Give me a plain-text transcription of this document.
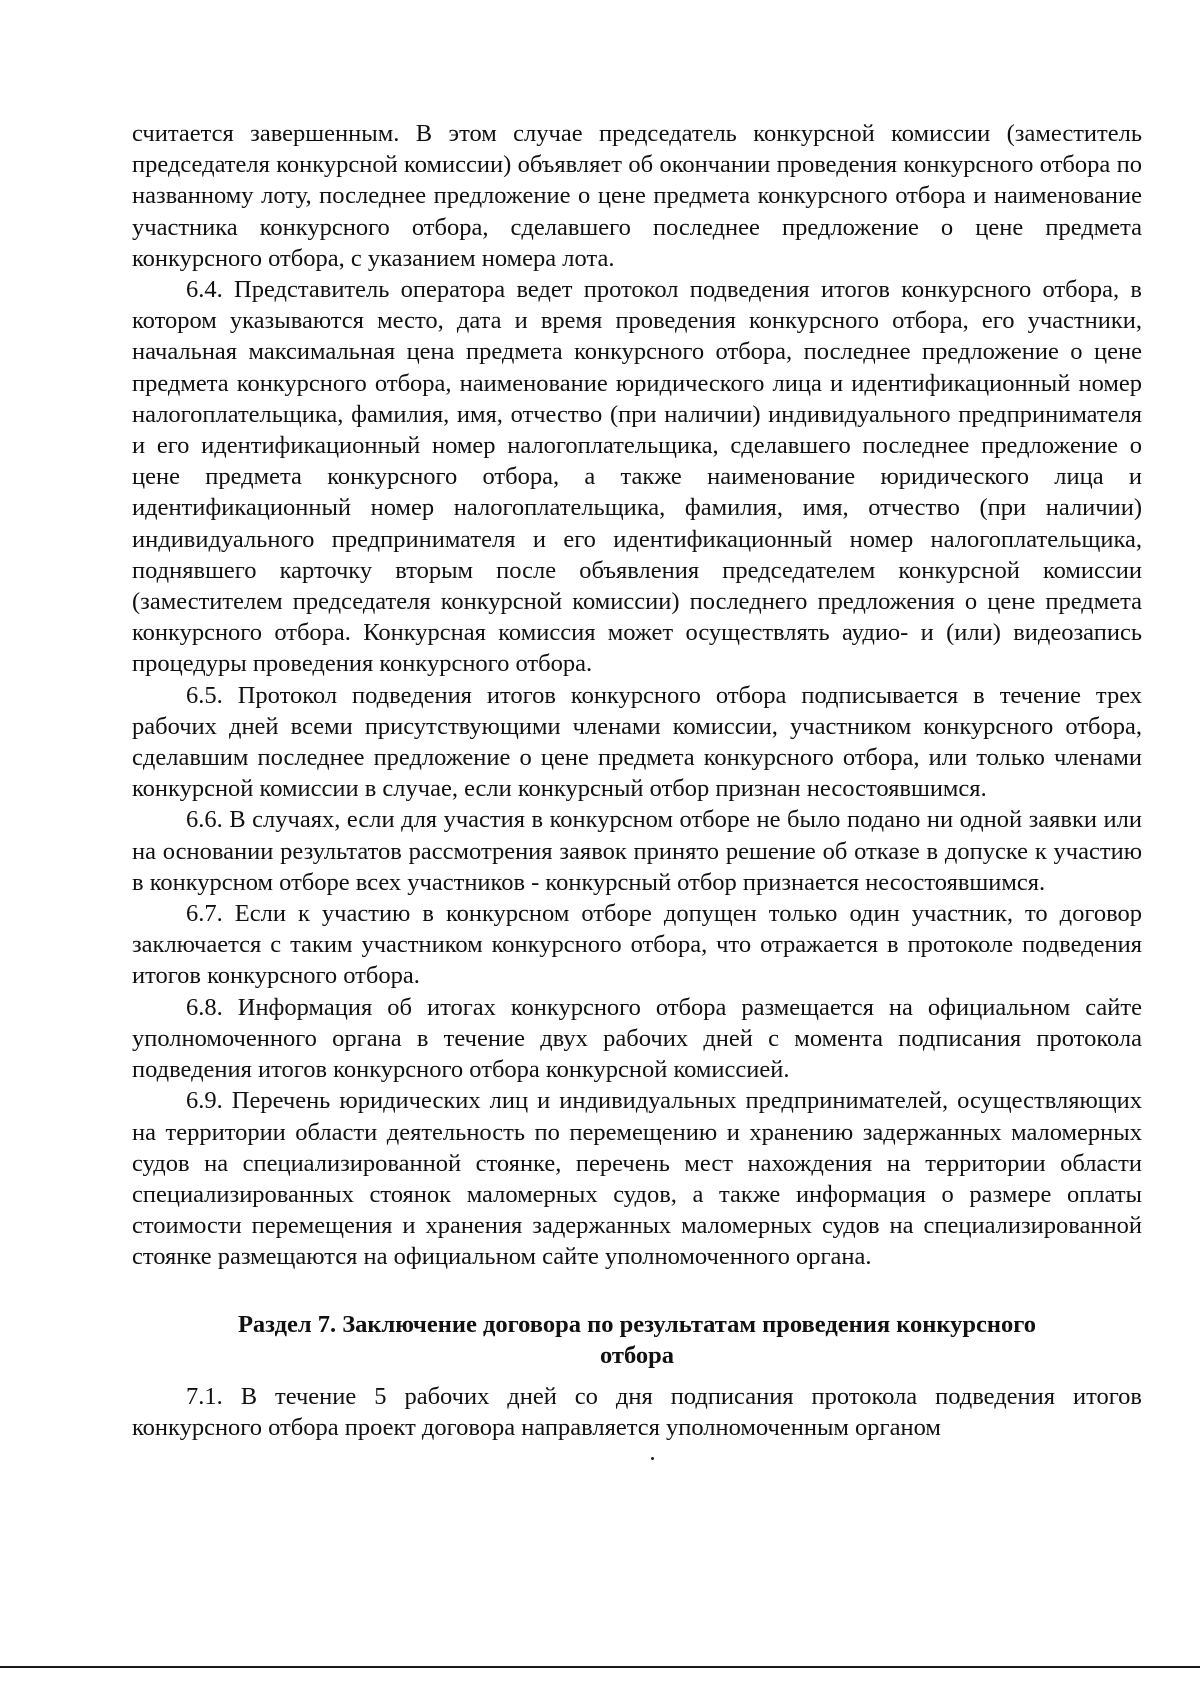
считается завершенным. В этом случае председатель конкурсной комиссии (заместитель председателя конкурсной комиссии) объявляет об окончании проведения конкурсного отбора по названному лоту, последнее предложение о цене предмета конкурсного отбора и наименование участника конкурсного отбора, сделавшего последнее предложение о цене предмета конкурсного отбора, с указанием номера лота.

6.4. Представитель оператора ведет протокол подведения итогов конкурсного отбора, в котором указываются место, дата и время проведения конкурсного отбора, его участники, начальная максимальная цена предмета конкурсного отбора, последнее предложение о цене предмета конкурсного отбора, наименование юридического лица и идентификационный номер налогоплательщика, фамилия, имя, отчество (при наличии) индивидуального предпринимателя и его идентификационный номер налогоплательщика, сделавшего последнее предложение о цене предмета конкурсного отбора, а также наименование юридического лица и идентификационный номер налогоплательщика, фамилия, имя, отчество (при наличии) индивидуального предпринимателя и его идентификационный номер налогоплательщика, поднявшего карточку вторым после объявления председателем конкурсной комиссии (заместителем председателя конкурсной комиссии) последнего предложения о цене предмета конкурсного отбора. Конкурсная комиссия может осуществлять аудио- и (или) видеозапись процедуры проведения конкурсного отбора.

6.5. Протокол подведения итогов конкурсного отбора подписывается в течение трех рабочих дней всеми присутствующими членами комиссии, участником конкурсного отбора, сделавшим последнее предложение о цене предмета конкурсного отбора, или только членами конкурсной комиссии в случае, если конкурсный отбор признан несостоявшимся.

6.6. В случаях, если для участия в конкурсном отборе не было подано ни одной заявки или на основании результатов рассмотрения заявок принято решение об отказе в допуске к участию в конкурсном отборе всех участников - конкурсный отбор признается несостоявшимся.

6.7. Если к участию в конкурсном отборе допущен только один участник, то договор заключается с таким участником конкурсного отбора, что отражается в протоколе подведения итогов конкурсного отбора.

6.8. Информация об итогах конкурсного отбора размещается на официальном сайте уполномоченного органа в течение двух рабочих дней с момента подписания протокола подведения итогов конкурсного отбора конкурсной комиссией.

6.9. Перечень юридических лиц и индивидуальных предпринимателей, осуществляющих на территории области деятельность по перемещению и хранению задержанных маломерных судов на специализированной стоянке, перечень мест нахождения на территории области специализированных стоянок маломерных судов, а также информация о размере оплаты стоимости перемещения и хранения задержанных маломерных судов на специализированной стоянке размещаются на официальном сайте уполномоченного органа.

Раздел 7. Заключение договора по результатам проведения конкурсного
отбора

7.1. В течение 5 рабочих дней со дня подписания протокола подведения итогов конкурсного отбора проект договора направляется уполномоченным органом
